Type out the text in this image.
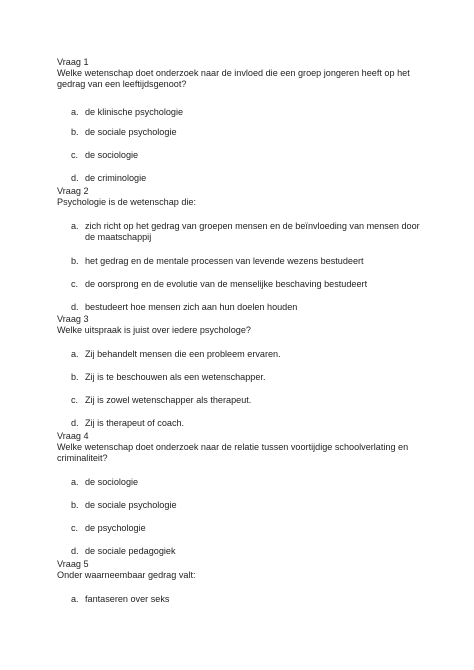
Vraag 1
Welke wetenschap doet onderzoek naar de invloed die een groep jongeren heeft op het gedrag van een leeftijdsgenoot?
a. de klinische psychologie
b. de sociale psychologie
c. de sociologie
d. de criminologie
Vraag 2
Psychologie is de wetenschap die:
a. zich richt op het gedrag van groepen mensen en de beïnvloeding van mensen door de maatschappij
b. het gedrag en de mentale processen van levende wezens bestudeert
c. de oorsprong en de evolutie van de menselijke beschaving bestudeert
d. bestudeert hoe mensen zich aan hun doelen houden
Vraag 3
Welke uitspraak is juist over iedere psychologe?
a. Zij behandelt mensen die een probleem ervaren.
b. Zij is te beschouwen als een wetenschapper.
c. Zij is zowel wetenschapper als therapeut.
d. Zij is therapeut of coach.
Vraag 4
Welke wetenschap doet onderzoek naar de relatie tussen voortijdige schoolverlating en criminaliteit?
a. de sociologie
b. de sociale psychologie
c. de psychologie
d. de sociale pedagogiek
Vraag 5
Onder waarneembaar gedrag valt:
a. fantaseren over seks
